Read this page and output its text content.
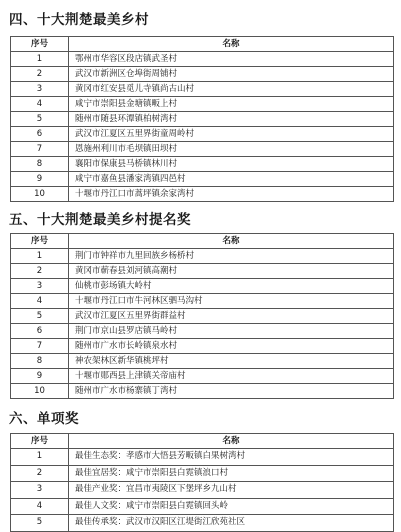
四、十大荆楚最美乡村
序号	名称
1	鄂州市华容区段店镇武圣村
2	武汉市新洲区仓埠街周铺村
3	黄冈市红安县觅儿寺镇尚古山村
4	咸宁市崇阳县金塘镇畈上村
5	随州市随县环潭镇柏树湾村
6	武汉市江夏区五里界街童周岭村
7	恩施州利川市毛坝镇田坝村
8	襄阳市保康县马桥镇林川村
9	咸宁市嘉鱼县潘家湾镇四邑村
10	十堰市丹江口市蒿坪镇余家湾村
五、十大荆楚最美乡村提名奖
序号	名称
1	荆门市钟祥市九里回族乡杨桥村
2	黄冈市蕲春县刘河镇高潮村
3	仙桃市彭场镇大岭村
4	十堰市丹江口市牛河林区驷马沟村
5	武汉市江夏区五里界街群益村
6	荆门市京山县罗店镇马岭村
7	随州市广水市长岭镇泉水村
8	神农架林区新华镇桃坪村
9	十堰市郧西县上津镇关帝庙村
10	随州市广水市杨寨镇丁湾村
六、单项奖
序号	名称
1	最佳生态奖：孝感市大悟县芳畈镇白果树湾村
2	最佳宜居奖：咸宁市崇阳县白霓镇浪口村
3	最佳产业奖：宜昌市夷陵区下堡坪乡九山村
4	最佳人文奖：咸宁市崇阳县白霓镇回头岭
5	最佳传承奖：武汉市汉阳区江堤街江欣苑社区
